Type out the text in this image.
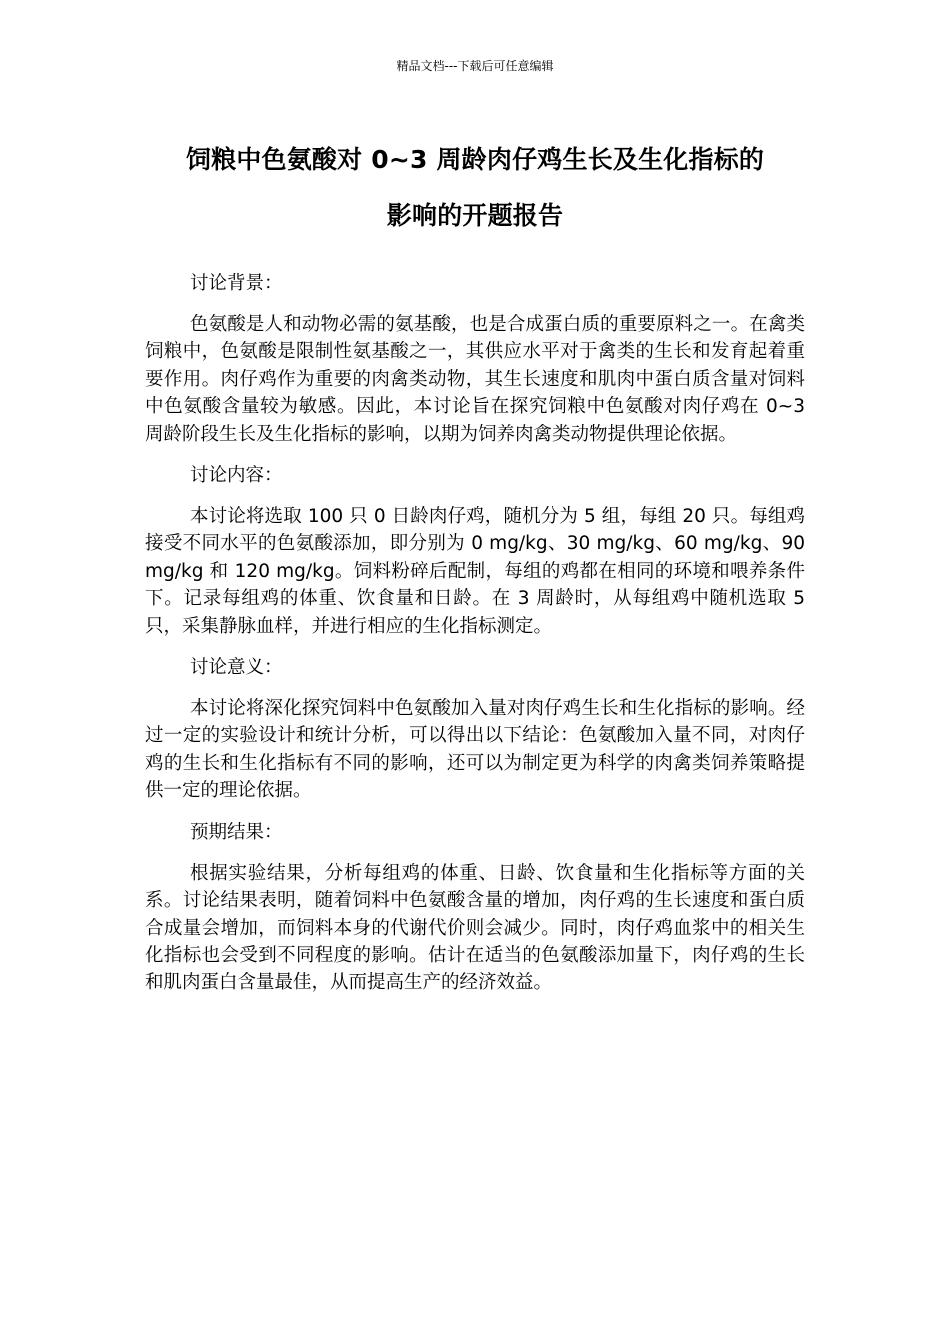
精品文档---下载后可任意编辑
饲粮中色氨酸对 0~3 周龄肉仔鸡生长及生化指标的
影响的开题报告

讨论背景：

色氨酸是人和动物必需的氨基酸，也是合成蛋白质的重要原料之一。在禽类饲粮中，色氨酸是限制性氨基酸之一，其供应水平对于禽类的生长和发育起着重要作用。肉仔鸡作为重要的肉禽类动物，其生长速度和肌肉中蛋白质含量对饲料中色氨酸含量较为敏感。因此，本讨论旨在探究饲粮中色氨酸对肉仔鸡在 0~3 周龄阶段生长及生化指标的影响，以期为饲养肉禽类动物提供理论依据。

讨论内容：

本讨论将选取 100 只 0 日龄肉仔鸡，随机分为 5 组，每组 20 只。每组鸡接受不同水平的色氨酸添加，即分别为 0 mg/kg、30 mg/kg、60 mg/kg、90 mg/kg 和 120 mg/kg。饲料粉碎后配制，每组的鸡都在相同的环境和喂养条件下。记录每组鸡的体重、饮食量和日龄。在 3 周龄时，从每组鸡中随机选取 5 只，采集静脉血样，并进行相应的生化指标测定。

讨论意义：

本讨论将深化探究饲料中色氨酸加入量对肉仔鸡生长和生化指标的影响。经过一定的实验设计和统计分析，可以得出以下结论：色氨酸加入量不同，对肉仔鸡的生长和生化指标有不同的影响，还可以为制定更为科学的肉禽类饲养策略提供一定的理论依据。

预期结果：

根据实验结果，分析每组鸡的体重、日龄、饮食量和生化指标等方面的关系。讨论结果表明，随着饲料中色氨酸含量的增加，肉仔鸡的生长速度和蛋白质合成量会增加，而饲料本身的代谢代价则会减少。同时，肉仔鸡血浆中的相关生化指标也会受到不同程度的影响。估计在适当的色氨酸添加量下，肉仔鸡的生长和肌肉蛋白含量最佳，从而提高生产的经济效益。
